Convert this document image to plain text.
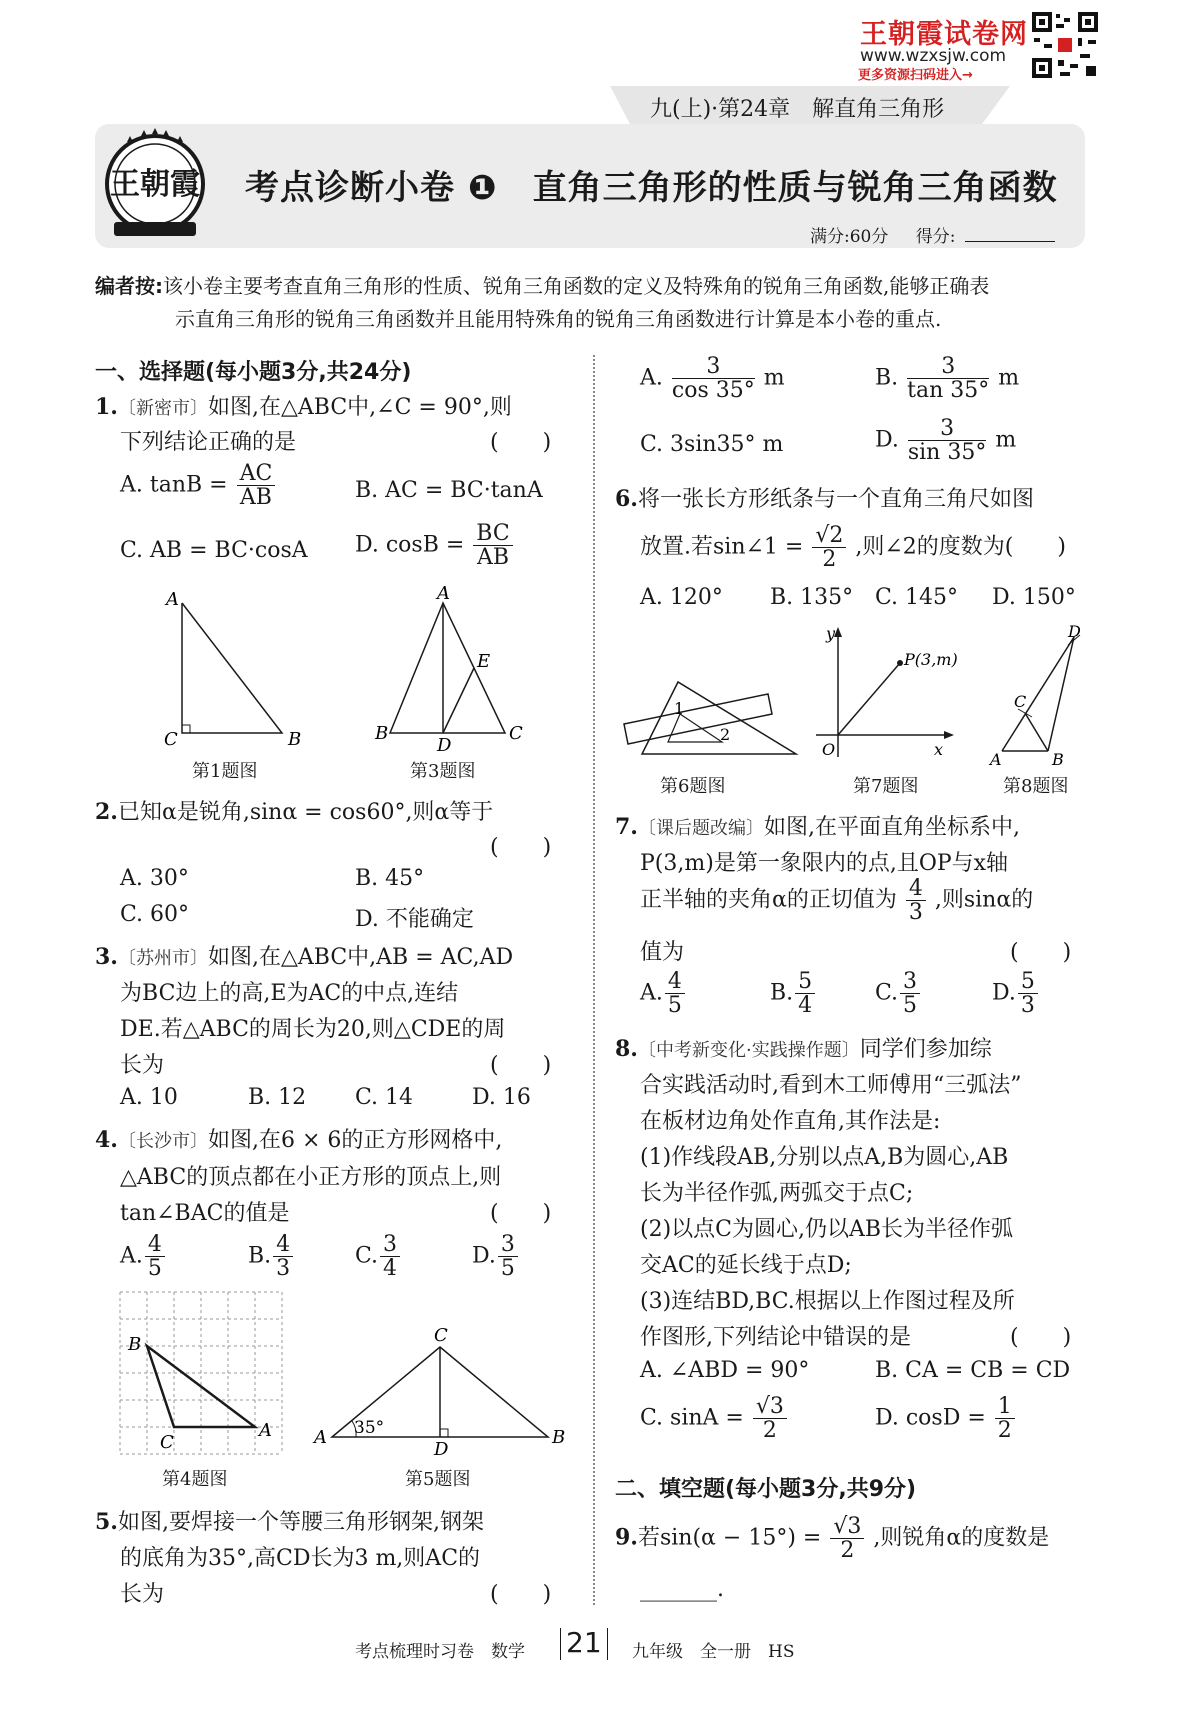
王朝霞试卷网
www.wzxsjw.com
更多资源扫码进入→
九(上)·第24章　解直角三角形
王朝霞 考点诊断小卷 ❶　直角三角形的性质与锐角三角函数
满分:60分 得分:
编者按:该小卷主要考查直角三角形的性质、锐角三角函数的定义及特殊角的锐角三角函数,能够正确表
示直角三角形的锐角三角函数并且能用特殊角的锐角三角函数进行计算是本小卷的重点.
一、选择题(每小题3分,共24分)
1.〔新密市〕如图,在△ABC中,∠C = 90°,则
下列结论正确的是	(　　)
A. $\tan B = \frac{AC}{AB}$	B. AC = BC·tanA
C. AB = BC·cosA D. $\cos B = \frac{BC}{AB}$
A
C	B
第1题图
A
B	C
D
E
第3题图
2.已知α是锐角,sinα = cos60°,则α等于
(　　)
A. 30°	B. 45°
C. 60°	D. 不能确定
3.〔苏州市〕如图,在△ABC中,AB = AC,AD
为BC边上的高,E为AC的中点,连结
DE.若△ABC的周长为20,则△CDE的周
长为	(　　)
A. 10	B. 12 C. 14	D. 16
4.〔长沙市〕如图,在6 × 6的正方形网格中,
△ABC的顶点都在小正方形的顶点上,则
tan∠BAC的值是	(　　)
A. $\frac{4}{5}$	B. $\frac{4}{3}$	C. $\frac{3}{4}$	D. $\frac{3}{5}$
B
C
A
第4题图
C
A	B
D
35°
第5题图
5.如图,要焊接一个等腰三角形钢架,钢架
的底角为35°,高CD长为3 m,则AC的
长为	(　　)
A. $\frac{3}{\cos 35^\circ}$ m	B. $\frac{3}{\tan 35^\circ}$ m
C. 3sin35° m	D. $\frac{3}{\sin 35^\circ}$ m
6.将一张长方形纸条与一个直角三角尺如图
放置.若sin∠1 = $\frac{√2}{2}$ ,则∠2的度数为(　　)
A. 120° B. 135° C. 145° D. 150°
1
2
第6题图
y
x
O
P(3,m)
第7题图
D
C
A	B
第8题图
7.〔课后题改编〕如图,在平面直角坐标系中,
P(3,m)是第一象限内的点,且OP与x轴
正半轴的夹角α的正切值为 $\frac{4}{3}$ ,则sinα的
值为	(　　)
A. $\frac{4}{5}$	B. $\frac{5}{4}$	C. $\frac{3}{5}$	D. $\frac{5}{3}$
8.〔中考新变化·实践操作题〕同学们参加综
合实践活动时,看到木工师傅用“三弧法”
在板材边角处作直角,其作法是:
(1)作线段AB,分别以点A,B为圆心,AB
长为半径作弧,两弧交于点C;
(2)以点C为圆心,仍以AB长为半径作弧
交AC的延长线于点D;
(3)连结BD,BC.根据以上作图过程及所
作图形,下列结论中错误的是	(　　)
A. ∠ABD = 90°	B. CA = CB = CD
C. $\sin A = \frac{√3}{2}$	D. $\cos D = \frac{1}{2}$
二、填空题(每小题3分,共9分)
9.若$\sin(\alpha - 15^\circ) = \frac{√3}{2}$ ,则锐角α的度数是
_______.
考点梳理时习卷　数学 21 九年级　全一册　HS
